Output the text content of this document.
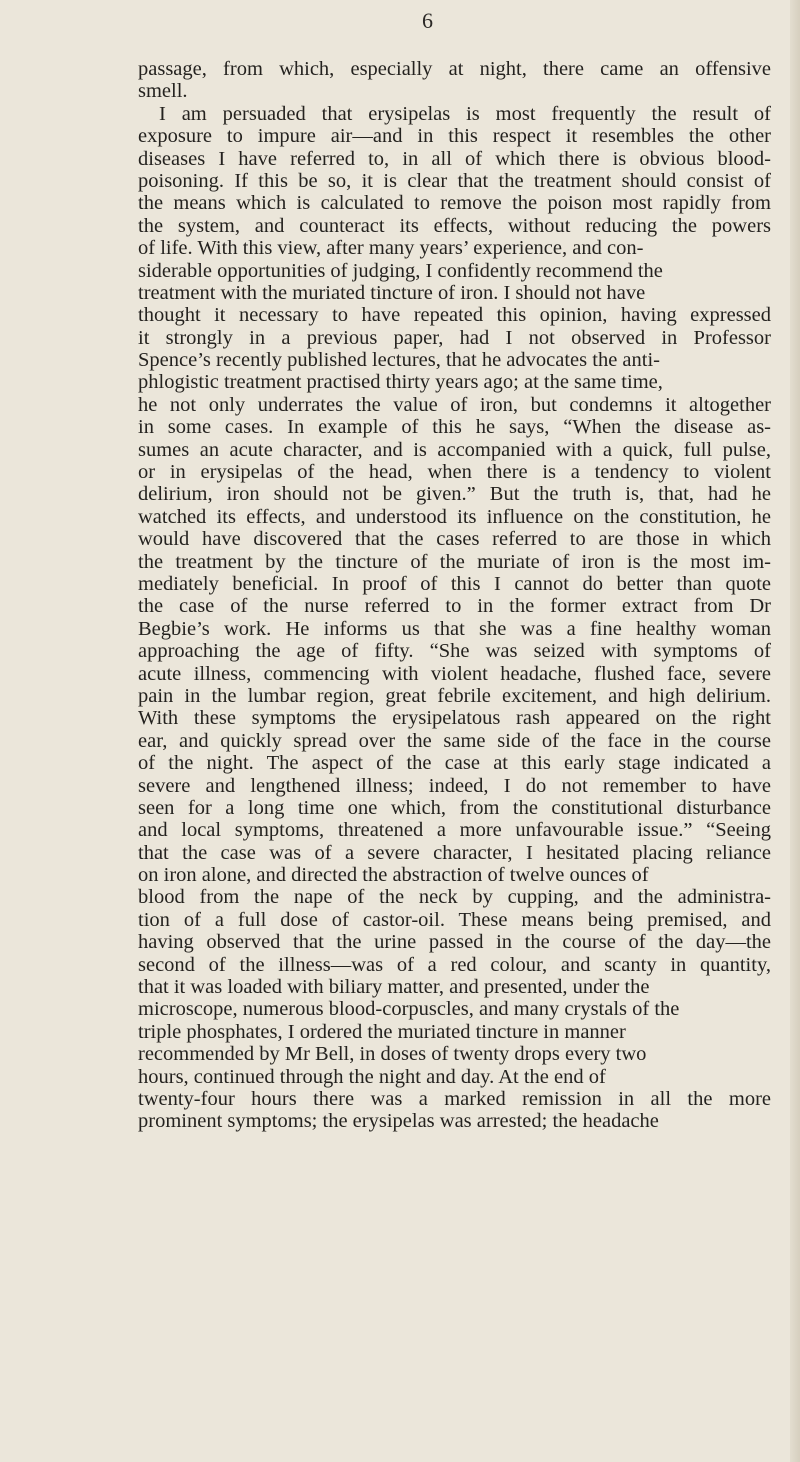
6
passage, from which, especially at night, there came an offensive
smell.
I am persuaded that erysipelas is most frequently the result of
exposure to impure air—and in this respect it resembles the other
diseases I have referred to, in all of which there is obvious blood-
poisoning. If this be so, it is clear that the treatment should consist of
the means which is calculated to remove the poison most rapidly from
the system, and counteract its effects, without reducing the powers
of life. With this view, after many years’ experience, and con-
siderable opportunities of judging, I confidently recommend the
treatment with the muriated tincture of iron. I should not have
thought it necessary to have repeated this opinion, having expressed
it strongly in a previous paper, had I not observed in Professor
Spence’s recently published lectures, that he advocates the anti-
phlogistic treatment practised thirty years ago; at the same time,
he not only underrates the value of iron, but condemns it altogether
in some cases. In example of this he says, “When the disease as-
sumes an acute character, and is accompanied with a quick, full pulse,
or in erysipelas of the head, when there is a tendency to violent
delirium, iron should not be given.” But the truth is, that, had he
watched its effects, and understood its influence on the constitution, he
would have discovered that the cases referred to are those in which
the treatment by the tincture of the muriate of iron is the most im-
mediately beneficial. In proof of this I cannot do better than quote
the case of the nurse referred to in the former extract from Dr
Begbie’s work. He informs us that she was a fine healthy woman
approaching the age of fifty. “She was seized with symptoms of
acute illness, commencing with violent headache, flushed face, severe
pain in the lumbar region, great febrile excitement, and high delirium.
With these symptoms the erysipelatous rash appeared on the right
ear, and quickly spread over the same side of the face in the course
of the night. The aspect of the case at this early stage indicated a
severe and lengthened illness; indeed, I do not remember to have
seen for a long time one which, from the constitutional disturbance
and local symptoms, threatened a more unfavourable issue.” “Seeing
that the case was of a severe character, I hesitated placing reliance
on iron alone, and directed the abstraction of twelve ounces of
blood from the nape of the neck by cupping, and the administra-
tion of a full dose of castor-oil. These means being premised, and
having observed that the urine passed in the course of the day—the
second of the illness—was of a red colour, and scanty in quantity,
that it was loaded with biliary matter, and presented, under the
microscope, numerous blood-corpuscles, and many crystals of the
triple phosphates, I ordered the muriated tincture in manner
recommended by Mr Bell, in doses of twenty drops every two
hours, continued through the night and day. At the end of
twenty-four hours there was a marked remission in all the more
prominent symptoms; the erysipelas was arrested; the headache
